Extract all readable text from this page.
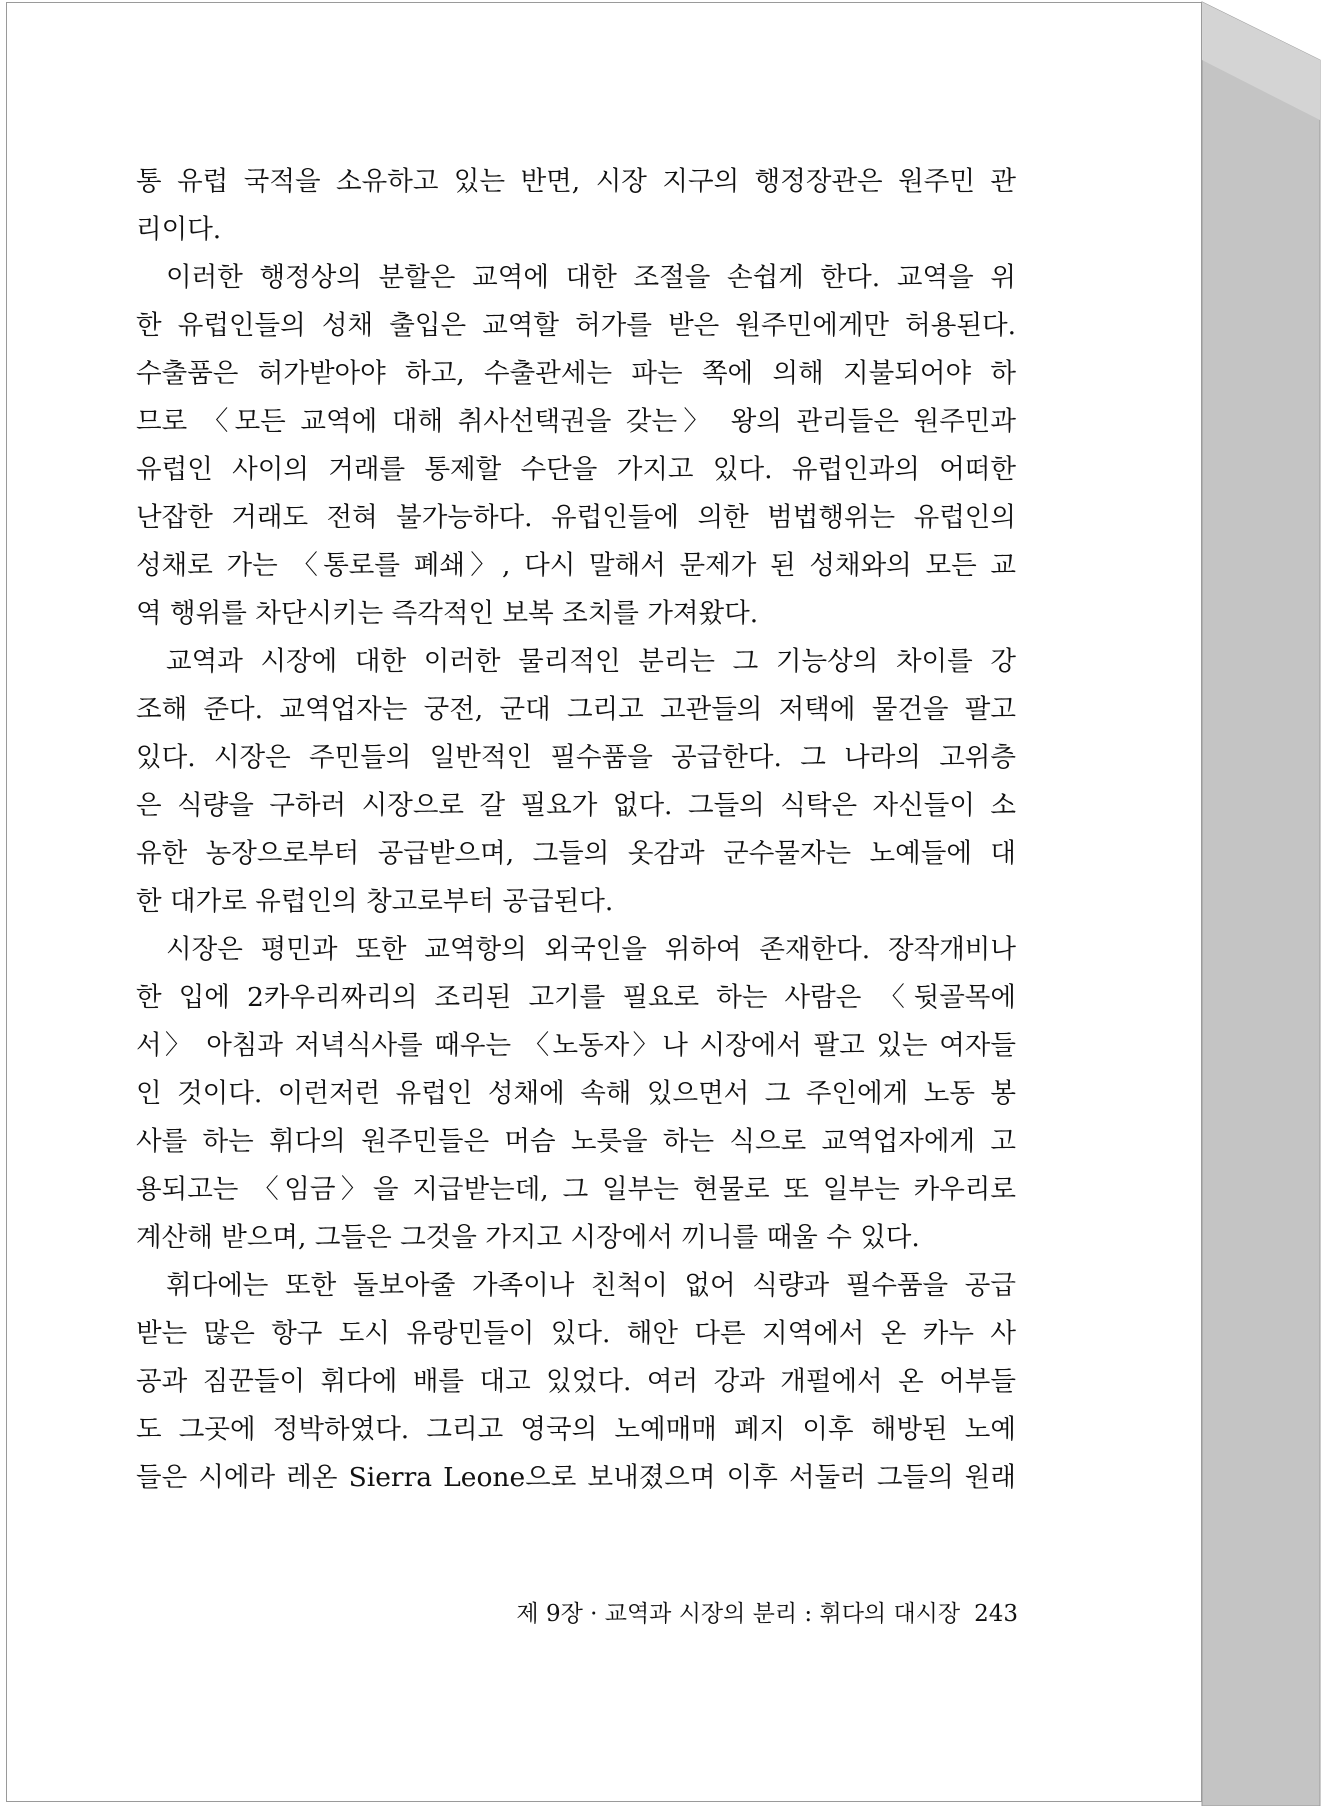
통 유럽 국적을 소유하고 있는 반면, 시장 지구의 행정장관은 원주민 관
리이다.
이러한 행정상의 분할은 교역에 대한 조절을 손쉽게 한다. 교역을 위
한 유럽인들의 성채 출입은 교역할 허가를 받은 원주민에게만 허용된다.
수출품은 허가받아야 하고, 수출관세는 파는 쪽에 의해 지불되어야 하
므로 〈모든 교역에 대해 취사선택권을 갖는〉 왕의 관리들은 원주민과
유럽인 사이의 거래를 통제할 수단을 가지고 있다. 유럽인과의 어떠한
난잡한 거래도 전혀 불가능하다. 유럽인들에 의한 범법행위는 유럽인의
성채로 가는 〈통로를 폐쇄〉, 다시 말해서 문제가 된 성채와의 모든 교
역 행위를 차단시키는 즉각적인 보복 조치를 가져왔다.
교역과 시장에 대한 이러한 물리적인 분리는 그 기능상의 차이를 강
조해 준다. 교역업자는 궁전, 군대 그리고 고관들의 저택에 물건을 팔고
있다. 시장은 주민들의 일반적인 필수품을 공급한다. 그 나라의 고위층
은 식량을 구하러 시장으로 갈 필요가 없다. 그들의 식탁은 자신들이 소
유한 농장으로부터 공급받으며, 그들의 옷감과 군수물자는 노예들에 대
한 대가로 유럽인의 창고로부터 공급된다.
시장은 평민과 또한 교역항의 외국인을 위하여 존재한다. 장작개비나
한 입에 2카우리짜리의 조리된 고기를 필요로 하는 사람은 〈뒷골목에
서〉 아침과 저녁식사를 때우는 〈노동자〉나 시장에서 팔고 있는 여자들
인 것이다. 이런저런 유럽인 성채에 속해 있으면서 그 주인에게 노동 봉
사를 하는 휘다의 원주민들은 머슴 노릇을 하는 식으로 교역업자에게 고
용되고는 〈임금〉을 지급받는데, 그 일부는 현물로 또 일부는 카우리로
계산해 받으며, 그들은 그것을 가지고 시장에서 끼니를 때울 수 있다.
휘다에는 또한 돌보아줄 가족이나 친척이 없어 식량과 필수품을 공급
받는 많은 항구 도시 유랑민들이 있다. 해안 다른 지역에서 온 카누 사
공과 짐꾼들이 휘다에 배를 대고 있었다. 여러 강과 개펄에서 온 어부들
도 그곳에 정박하였다. 그리고 영국의 노예매매 폐지 이후 해방된 노예
들은 시에라 레온 Sierra Leone으로 보내졌으며 이후 서둘러 그들의 원래
제 9장 · 교역과 시장의 분리 : 휘다의 대시장 243
